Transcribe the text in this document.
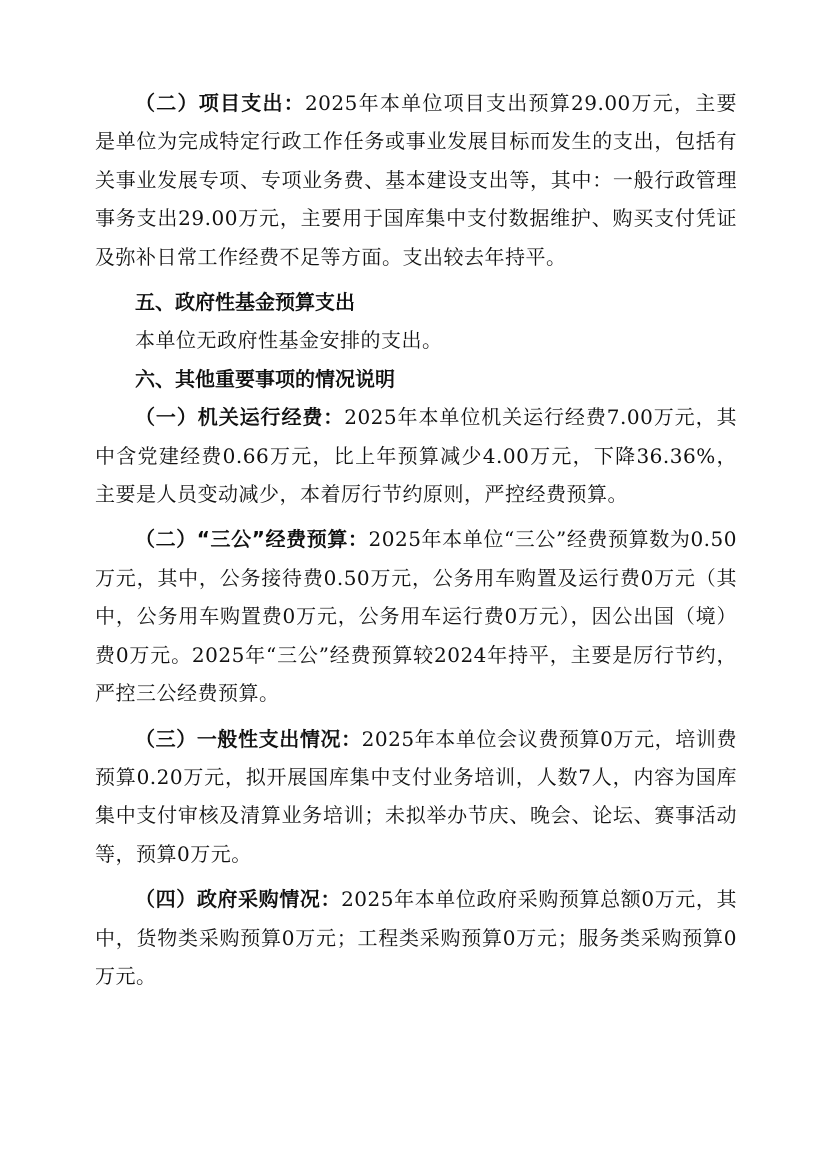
（二）项目支出：2025年本单位项目支出预算29.00万元，主要是单位为完成特定行政工作任务或事业发展目标而发生的支出，包括有关事业发展专项、专项业务费、基本建设支出等，其中：一般行政管理事务支出29.00万元，主要用于国库集中支付数据维护、购买支付凭证及弥补日常工作经费不足等方面。支出较去年持平。

五、政府性基金预算支出

本单位无政府性基金安排的支出。

六、其他重要事项的情况说明

（一）机关运行经费：2025年本单位机关运行经费7.00万元，其中含党建经费0.66万元，比上年预算减少4.00万元，下降36.36%，主要是人员变动减少，本着厉行节约原则，严控经费预算。

（二）“三公”经费预算：2025年本单位“三公”经费预算数为0.50万元，其中，公务接待费0.50万元，公务用车购置及运行费0万元（其中，公务用车购置费0万元，公务用车运行费0万元），因公出国（境）费0万元。2025年“三公”经费预算较2024年持平，主要是厉行节约，严控三公经费预算。

（三）一般性支出情况：2025年本单位会议费预算0万元，培训费预算0.20万元，拟开展国库集中支付业务培训，人数7人，内容为国库集中支付审核及清算业务培训；未拟举办节庆、晚会、论坛、赛事活动等，预算0万元。

（四）政府采购情况：2025年本单位政府采购预算总额0万元，其中，货物类采购预算0万元；工程类采购预算0万元；服务类采购预算0万元。
